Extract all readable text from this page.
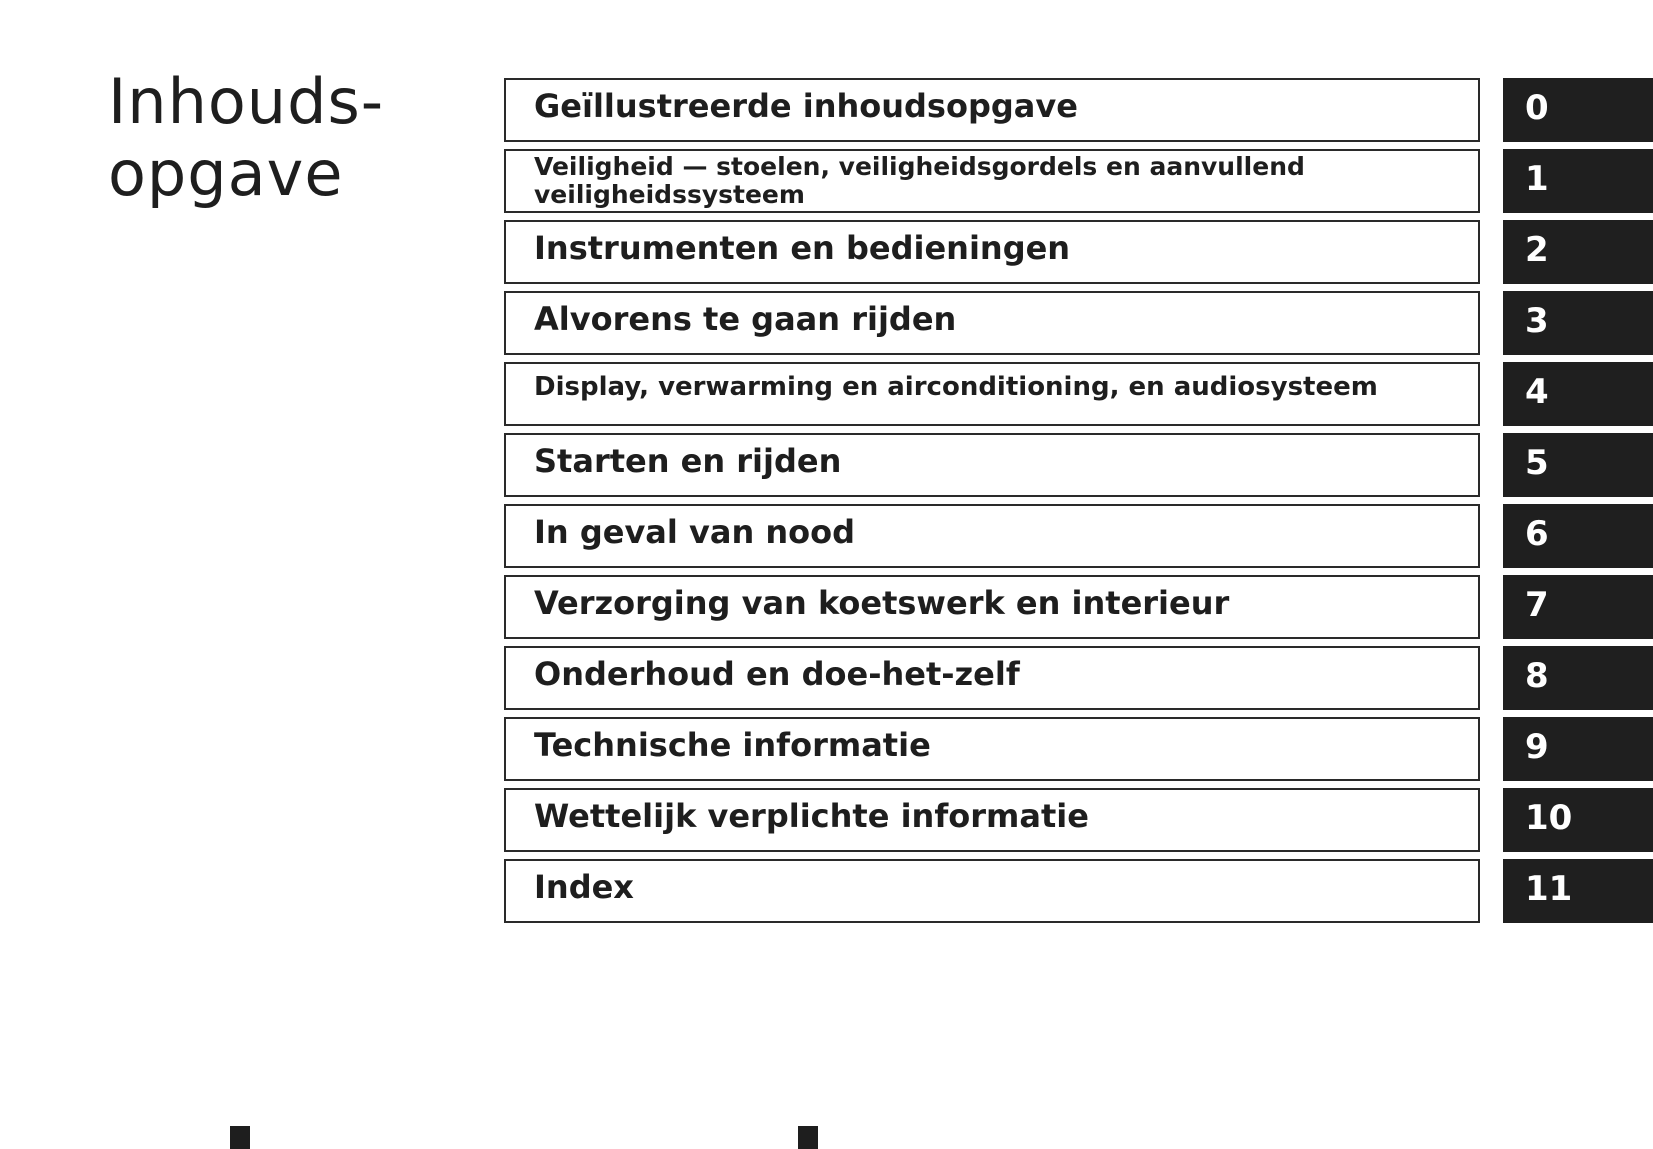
Inhouds-
opgave
Geïllustreerde inhoudsopgave	0
Veiligheid — stoelen, veiligheidsgordels en aanvullend veiligheidssysteem	1
Instrumenten en bedieningen	2
Alvorens te gaan rijden	3
Display, verwarming en airconditioning, en audiosysteem	4
Starten en rijden	5
In geval van nood	6
Verzorging van koetswerk en interieur	7
Onderhoud en doe-het-zelf	8
Technische informatie	9
Wettelijk verplichte informatie	10
Index	11
